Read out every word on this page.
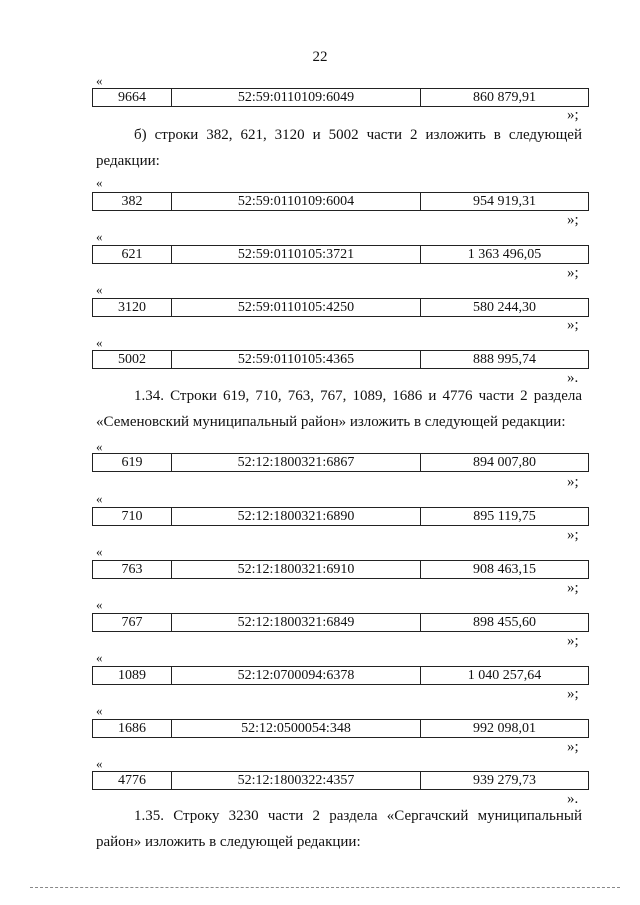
22
«
9664	52:59:0110109:6049	860 879,91
»;
б) строки 382, 621, 3120 и 5002 части 2 изложить в следующей редакции:
«
382	52:59:0110109:6004	954 919,31
»;
«
621	52:59:0110105:3721	1 363 496,05
»;
«
3120	52:59:0110105:4250	580 244,30
»;
«
5002	52:59:0110105:4365	888 995,74
».
1.34. Строки 619, 710, 763, 767, 1089, 1686 и 4776 части 2 раздела «Семеновский муниципальный район» изложить в следующей редакции:
«
619	52:12:1800321:6867	894 007,80
»;
«
710	52:12:1800321:6890	895 119,75
»;
«
763	52:12:1800321:6910	908 463,15
»;
«
767	52:12:1800321:6849	898 455,60
»;
«
1089	52:12:0700094:6378	1 040 257,64
»;
«
1686	52:12:0500054:348	992 098,01
»;
«
4776	52:12:1800322:4357	939 279,73
».
1.35. Строку 3230 части 2 раздела «Сергачский муниципальный район» изложить в следующей редакции:
